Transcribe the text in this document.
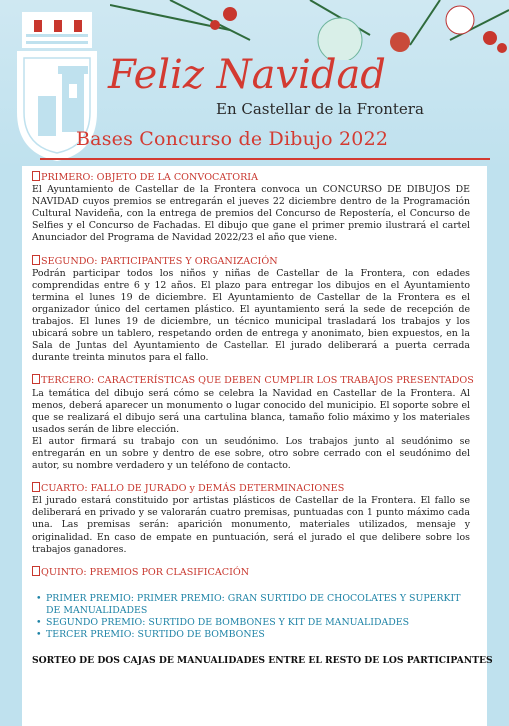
Feliz Navidad
En Castellar de la Frontera
Bases Concurso de Dibujo 2022

PRIMERO: OBJETO DE LA CONVOCATORIA

El Ayuntamiento de Castellar de la Frontera convoca un CONCURSO DE DIBUJOS DE NAVIDAD cuyos premios se entregarán el jueves 22 diciembre dentro de la Programación Cultural Navideña, con la entrega de premios del Concurso de Repostería, el Concurso de Selfies y el Concurso de Fachadas. El dibujo que gane el primer premio ilustrará el cartel Anunciador del Programa de Navidad 2022/23 el año que viene.

SEGUNDO: PARTICIPANTES Y ORGANIZACIÓN

Podrán participar todos los niños y niñas de Castellar de la Frontera, con edades comprendidas entre 6 y 12 años. El plazo para entregar los dibujos en el Ayuntamiento termina el lunes 19 de diciembre. El Ayuntamiento de Castellar de la Frontera es el organizador único del certamen plástico. El ayuntamiento será la sede de recepción de trabajos. El lunes 19 de diciembre, un técnico municipal trasladará los trabajos y los ubicará sobre un tablero, respetando orden de entrega y anonimato, bien expuestos, en la Sala de Juntas del Ayuntamiento de Castellar. El jurado deliberará a puerta cerrada durante treinta minutos para el fallo.

TERCERO: CARACTERÍSTICAS QUE DEBEN CUMPLIR LOS TRABAJOS PRESENTADOS

La temática del dibujo será cómo se celebra la Navidad en Castellar de la Frontera. Al menos, deberá aparecer un monumento o lugar conocido del municipio. El soporte sobre el que se realizará el dibujo será una cartulina blanca, tamaño folio máximo y los materiales usados serán de libre elección.

El autor firmará su trabajo con un seudónimo. Los trabajos junto al seudónimo se entregarán en un sobre y dentro de ese sobre, otro sobre cerrado con el seudónimo del autor, su nombre verdadero y un teléfono de contacto.

CUARTO: FALLO DE JURADO y DEMÁS DETERMINACIONES

El jurado estará constituido por artistas plásticos de Castellar de la Frontera. El fallo se deliberará en privado y se valorarán cuatro premisas, puntuadas con 1 punto máximo cada una. Las premisas serán: aparición monumento, materiales utilizados, mensaje y originalidad. En caso de empate en puntuación, será el jurado el que delibere sobre los trabajos ganadores.

QUINTO: PREMIOS POR CLASIFICACIÓN

• PRIMER PREMIO: PRIMER PREMIO: GRAN SURTIDO DE CHOCOLATES Y SUPERKIT DE MANUALIDADES
• SEGUNDO PREMIO: SURTIDO DE BOMBONES Y KIT DE MANUALIDADES
• TERCER PREMIO: SURTIDO DE BOMBONES
SORTEO DE DOS CAJAS DE MANUALIDADES ENTRE EL RESTO DE LOS PARTICIPANTES
